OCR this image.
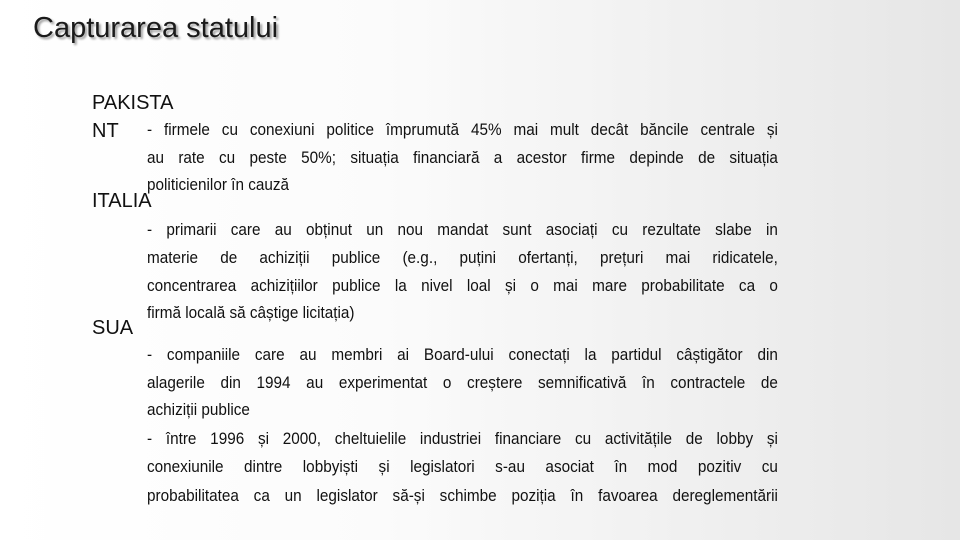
Capturarea statului
PAKISTA
NT - firmele cu conexiuni politice împrumută 45% mai mult decât băncile centrale și
au rate cu peste 50%; situația financiară a acestor firme depinde de situația
politicienilor în cauză
ITALIA
- primarii care au obținut un nou mandat sunt asociați cu rezultate slabe in
materie de achiziții publice (e.g., puțini ofertanți, prețuri mai ridicatele,
concentrarea achizițiilor publice la nivel loal și o mai mare probabilitate ca o
firmă locală să câștige licitația)
SUA
- companiile care au membri ai Board-ului conectați la partidul câștigător din
alagerile din 1994 au experimentat o creștere semnificativă în contractele de
achiziții publice
- între 1996 și 2000, cheltuielile industriei financiare cu activitățile de lobby și
conexiunile dintre lobbyiști și legislatori s-au asociat în mod pozitiv cu
probabilitatea ca un legislator să-și schimbe poziția în favoarea dereglementării
